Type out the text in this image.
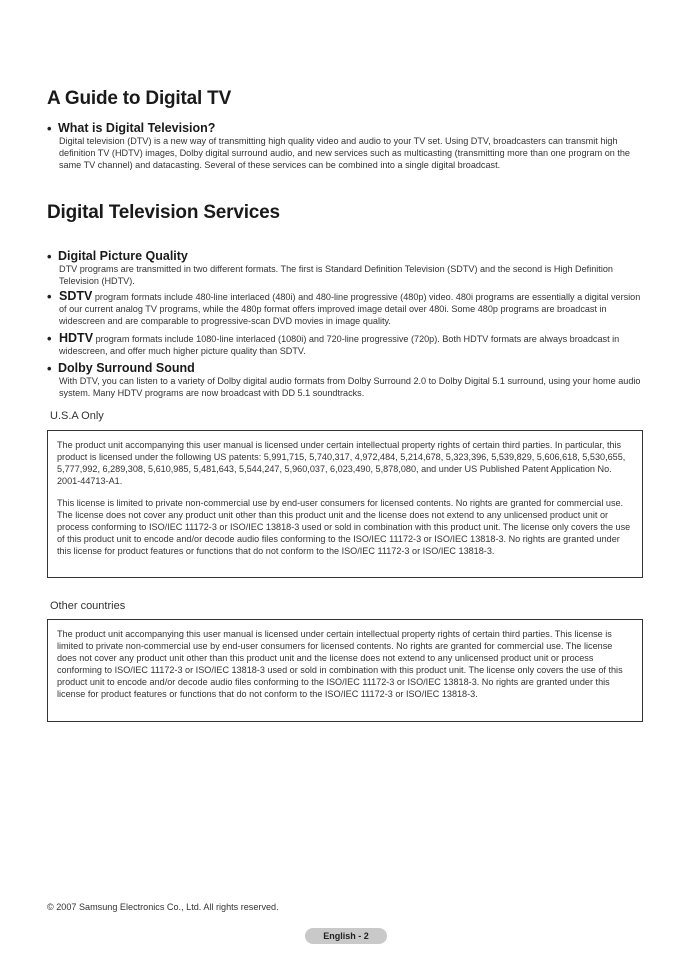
A Guide to Digital TV
• What is Digital Television?
Digital television (DTV) is a new way of transmitting high quality video and audio to your TV set. Using DTV, broadcasters can transmit high definition TV (HDTV) images, Dolby digital surround audio, and new services such as multicasting (transmitting more than one program on the same TV channel) and datacasting. Several of these services can be combined into a single digital broadcast.
Digital Television Services
• Digital Picture Quality
DTV programs are transmitted in two different formats. The first is Standard Definition Television (SDTV) and the second is High Definition Television (HDTV).
• SDTV program formats include 480-line interlaced (480i) and 480-line progressive (480p) video. 480i programs are essentially a digital version of our current analog TV programs, while the 480p format offers improved image detail over 480i. Some 480p programs are broadcast in widescreen and are comparable to progressive-scan DVD movies in image quality.
• HDTV program formats include 1080-line interlaced (1080i) and 720-line progressive (720p). Both HDTV formats are always broadcast in widescreen, and offer much higher picture quality than SDTV.
• Dolby Surround Sound
With DTV, you can listen to a variety of Dolby digital audio formats from Dolby Surround 2.0 to Dolby Digital 5.1 surround, using your home audio system. Many HDTV programs are now broadcast with DD 5.1 soundtracks.
U.S.A Only

The product unit accompanying this user manual is licensed under certain intellectual property rights of certain third parties. In particular, this product is licensed under the following US patents: 5,991,715, 5,740,317, 4,972,484, 5,214,678, 5,323,396, 5,539,829, 5,606,618, 5,530,655, 5,777,992, 6,289,308, 5,610,985, 5,481,643, 5,544,247, 5,960,037, 6,023,490, 5,878,080, and under US Published Patent Application No. 2001-44713-A1.

This license is limited to private non-commercial use by end-user consumers for licensed contents. No rights are granted for commercial use. The license does not cover any product unit other than this product unit and the license does not extend to any unlicensed product unit or process conforming to ISO/IEC 11172-3 or ISO/IEC 13818-3 used or sold in combination with this product unit. The license only covers the use of this product unit to encode and/or decode audio files conforming to the ISO/IEC 11172-3 or ISO/IEC 13818-3. No rights are granted under this license for product features or functions that do not conform to the ISO/IEC 11172-3 or ISO/IEC 13818-3.

Other countries

The product unit accompanying this user manual is licensed under certain intellectual property rights of certain third parties. This license is limited to private non-commercial use by end-user consumers for licensed contents. No rights are granted for commercial use. The license does not cover any product unit other than this product unit and the license does not extend to any unlicensed product unit or process conforming to ISO/IEC 11172-3 or ISO/IEC 13818-3 used or sold in combination with this product unit. The license only covers the use of this product unit to encode and/or decode audio files conforming to the ISO/IEC 11172-3 or ISO/IEC 13818-3. No rights are granted under this license for product features or functions that do not conform to the ISO/IEC 11172-3 or ISO/IEC 13818-3.

© 2007 Samsung Electronics Co., Ltd. All rights reserved.
English - 2
